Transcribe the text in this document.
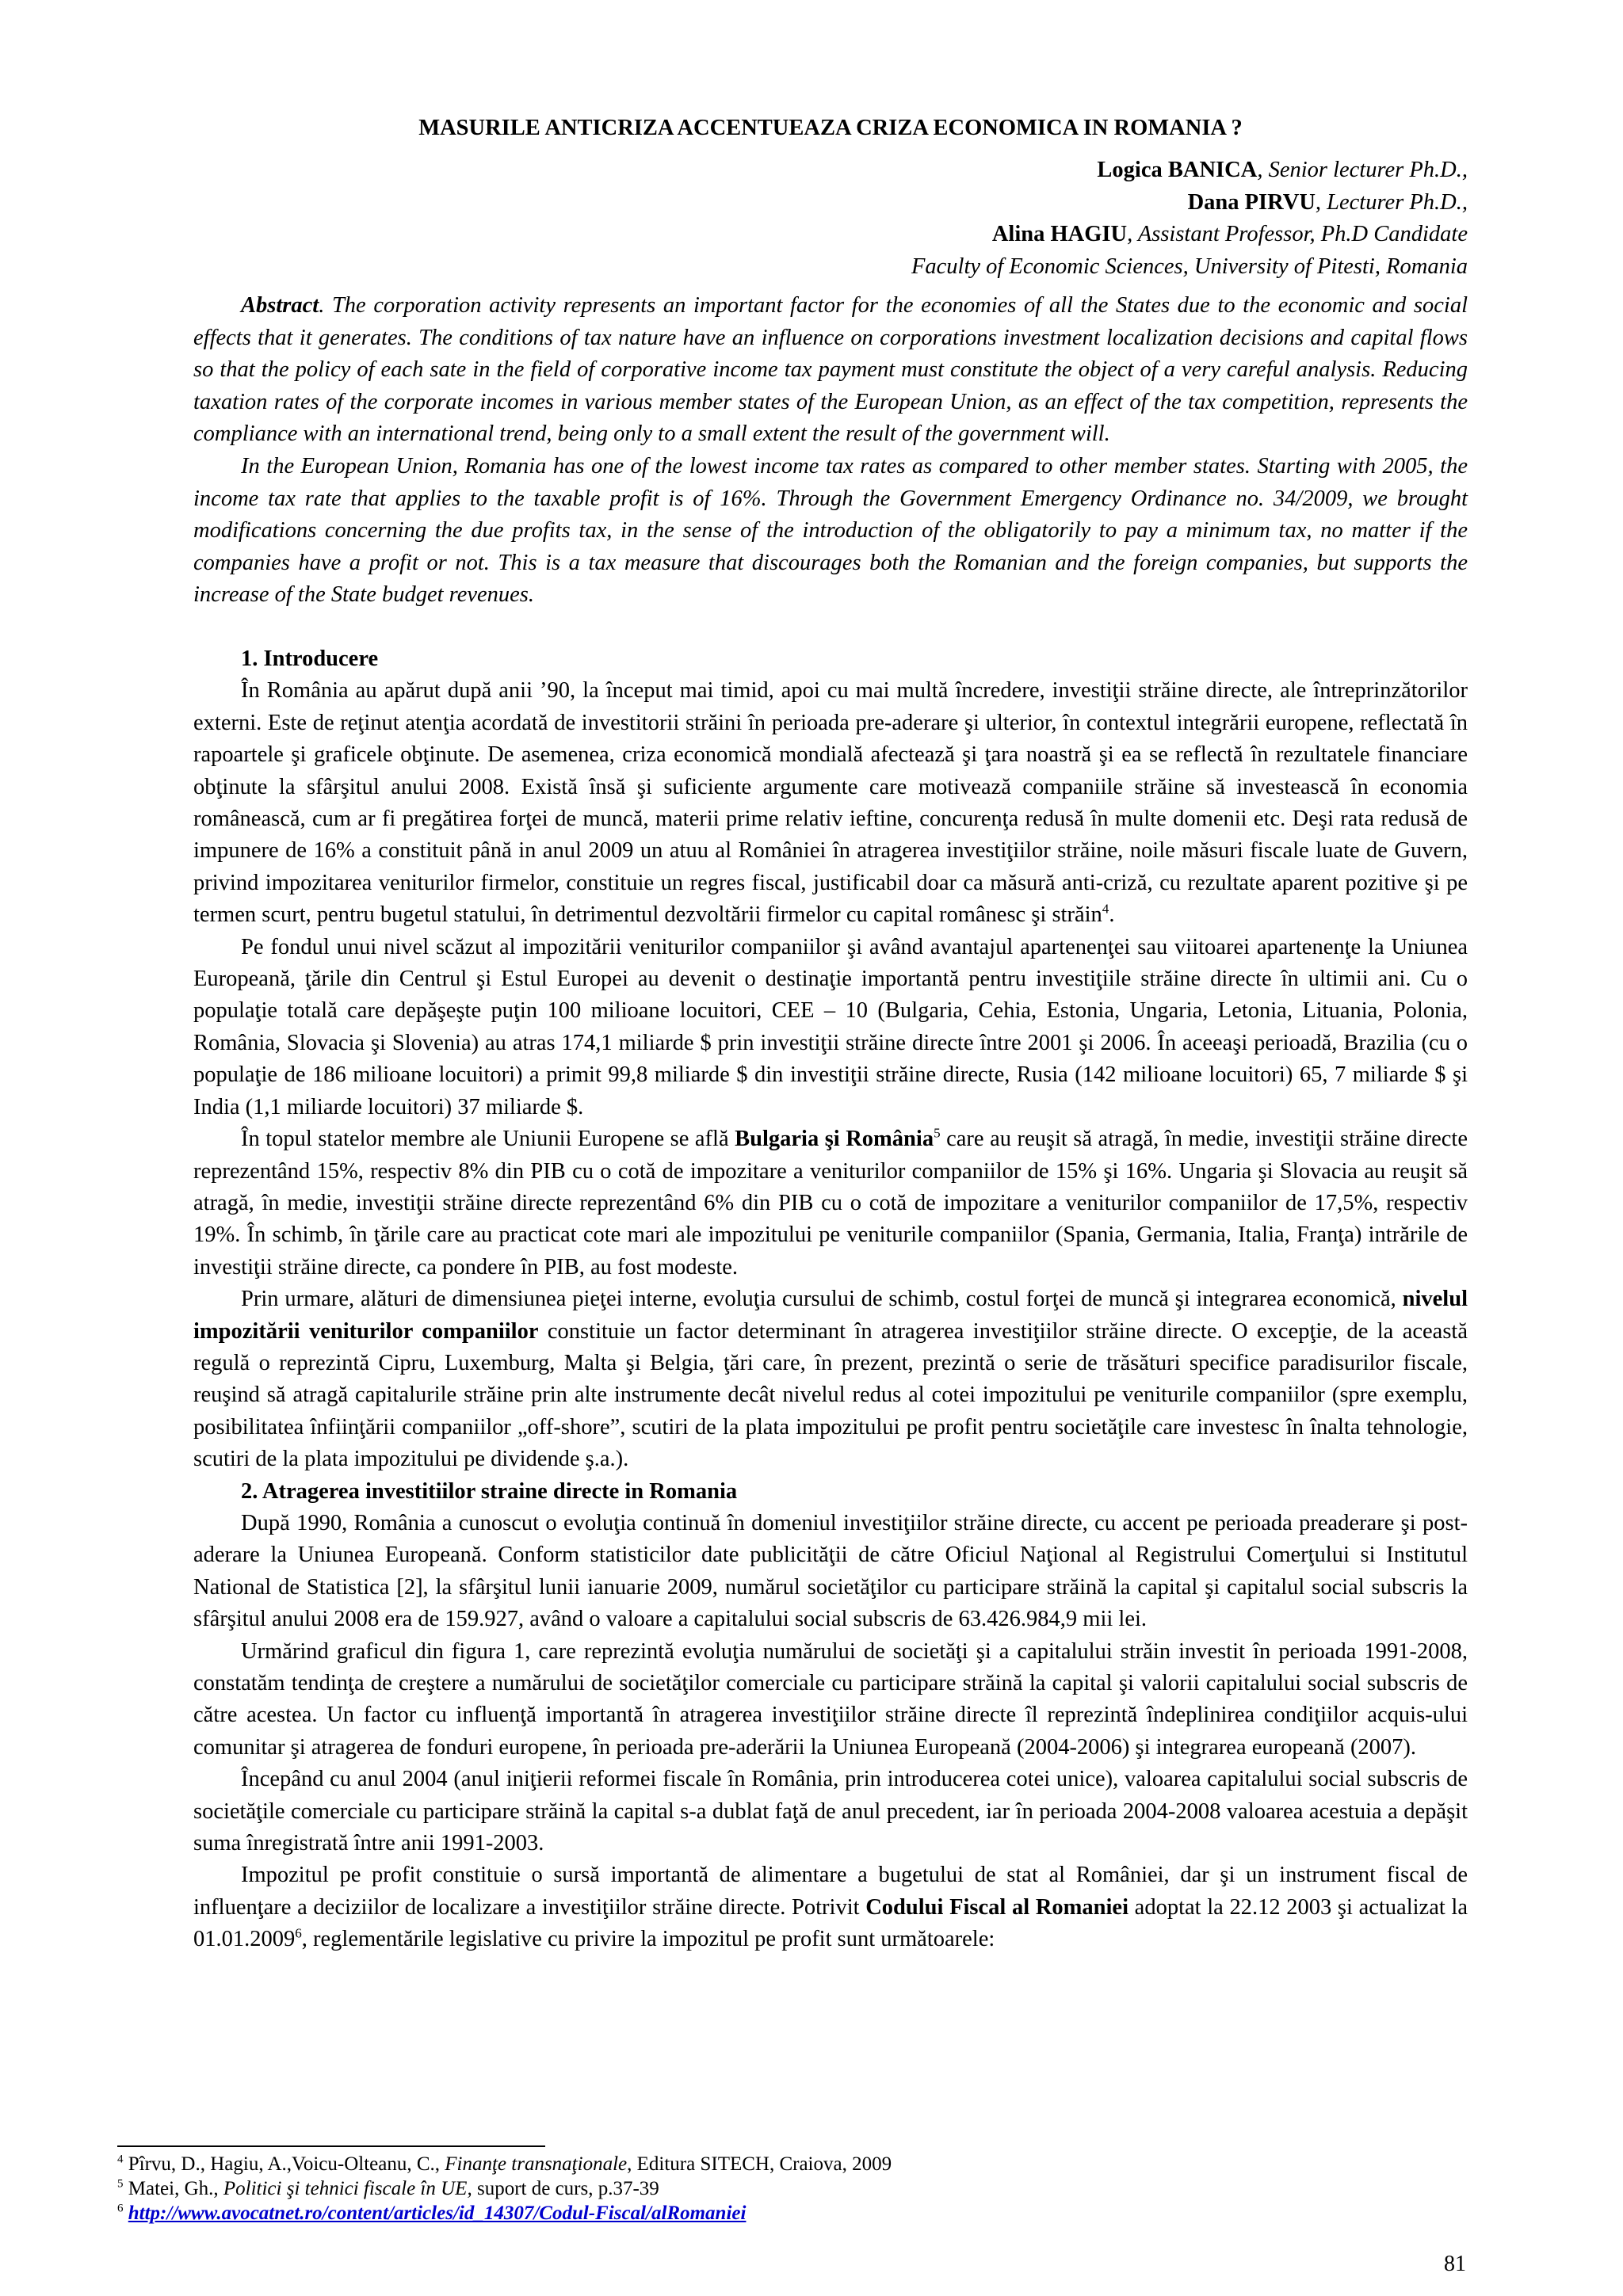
MASURILE ANTICRIZA ACCENTUEAZA CRIZA ECONOMICA IN ROMANIA ?
Logica BANICA, Senior lecturer Ph.D.,
Dana PIRVU, Lecturer Ph.D.,
Alina HAGIU, Assistant Professor, Ph.D Candidate
Faculty of Economic Sciences, University of Pitesti, Romania

Abstract. The corporation activity represents an important factor for the economies of all the States due to the economic and social effects that it generates. The conditions of tax nature have an influence on corporations investment localization decisions and capital flows so that the policy of each sate in the field of corporative income tax payment must constitute the object of a very careful analysis. Reducing taxation rates of the corporate incomes in various member states of the European Union, as an effect of the tax competition, represents the compliance with an international trend, being only to a small extent the result of the government will.

In the European Union, Romania has one of the lowest income tax rates as compared to other member states. Starting with 2005, the income tax rate that applies to the taxable profit is of 16%. Through the Government Emergency Ordinance no. 34/2009, we brought modifications concerning the due profits tax, in the sense of the introduction of the obligatorily to pay a minimum tax, no matter if the companies have a profit or not. This is a tax measure that discourages both the Romanian and the foreign companies, but supports the increase of the State budget revenues.

1. Introducere

În România au apărut după anii ’90, la început mai timid, apoi cu mai multă încredere, investiţii străine directe, ale întreprinzătorilor externi. Este de reţinut atenţia acordată de investitorii străini în perioada pre-aderare şi ulterior, în contextul integrării europene, reflectată în rapoartele şi graficele obţinute. De asemenea, criza economică mondială afectează şi ţara noastră şi ea se reflectă în rezultatele financiare obţinute la sfârşitul anului 2008. Există însă şi suficiente argumente care motivează companiile străine să investească în economia românească, cum ar fi pregătirea forţei de muncă, materii prime relativ ieftine, concurenţa redusă în multe domenii etc. Deşi rata redusă de impunere de 16% a constituit până in anul 2009 un atuu al României în atragerea investiţiilor străine, noile măsuri fiscale luate de Guvern, privind impozitarea veniturilor firmelor, constituie un regres fiscal, justificabil doar ca măsură anti-criză, cu rezultate aparent pozitive şi pe termen scurt, pentru bugetul statului, în detrimentul dezvoltării firmelor cu capital românesc şi străin$^4$.

Pe fondul unui nivel scăzut al impozitării veniturilor companiilor şi având avantajul apartenenţei sau viitoarei apartenenţe la Uniunea Europeană, ţările din Centrul şi Estul Europei au devenit o destinaţie importantă pentru investiţiile străine directe în ultimii ani. Cu o populaţie totală care depăşeşte puţin 100 milioane locuitori, CEE – 10 (Bulgaria, Cehia, Estonia, Ungaria, Letonia, Lituania, Polonia, România, Slovacia şi Slovenia) au atras 174,1 miliarde $ prin investiţii străine directe între 2001 şi 2006. În aceeaşi perioadă, Brazilia (cu o populaţie de 186 milioane locuitori) a primit 99,8 miliarde $ din investiţii străine directe, Rusia (142 milioane locuitori) 65, 7 miliarde $ şi India (1,1 miliarde locuitori) 37 miliarde $.

În topul statelor membre ale Uniunii Europene se află Bulgaria şi România$^5$ care au reuşit să atragă, în medie, investiţii străine directe reprezentând 15%, respectiv 8% din PIB cu o cotă de impozitare a veniturilor companiilor de 15% şi 16%. Ungaria şi Slovacia au reuşit să atragă, în medie, investiţii străine directe reprezentând 6% din PIB cu o cotă de impozitare a veniturilor companiilor de 17,5%, respectiv 19%. În schimb, în ţările care au practicat cote mari ale impozitului pe veniturile companiilor (Spania, Germania, Italia, Franţa) intrările de investiţii străine directe, ca pondere în PIB, au fost modeste.

Prin urmare, alături de dimensiunea pieţei interne, evoluţia cursului de schimb, costul forţei de muncă şi integrarea economică, nivelul impozitării veniturilor companiilor constituie un factor determinant în atragerea investiţiilor străine directe. O excepţie, de la această regulă o reprezintă Cipru, Luxemburg, Malta şi Belgia, ţări care, în prezent, prezintă o serie de trăsături specifice paradisurilor fiscale, reuşind să atragă capitalurile străine prin alte instrumente decât nivelul redus al cotei impozitului pe veniturile companiilor (spre exemplu, posibilitatea înfiinţării companiilor „off-shore”, scutiri de la plata impozitului pe profit pentru societăţile care investesc în înalta tehnologie, scutiri de la plata impozitului pe dividende ş.a.).

2. Atragerea investitiilor straine directe in Romania

După 1990, România a cunoscut o evoluţia continuă în domeniul investiţiilor străine directe, cu accent pe perioada preaderare şi post-aderare la Uniunea Europeană. Conform statisticilor date publicităţii de către Oficiul Naţional al Registrului Comerţului si Institutul National de Statistica [2], la sfârşitul lunii ianuarie 2009, numărul societăţilor cu participare străină la capital şi capitalul social subscris la sfârşitul anului 2008 era de 159.927, având o valoare a capitalului social subscris de 63.426.984,9 mii lei.

Urmărind graficul din figura 1, care reprezintă evoluţia numărului de societăţi şi a capitalului străin investit în perioada 1991-2008, constatăm tendinţa de creştere a numărului de societăţilor comerciale cu participare străină la capital şi valorii capitalului social subscris de către acestea. Un factor cu influenţă importantă în atragerea investiţiilor străine directe îl reprezintă îndeplinirea condiţiilor acquis-ului comunitar şi atragerea de fonduri europene, în perioada pre-aderării la Uniunea Europeană (2004-2006) şi integrarea europeană (2007).

Începând cu anul 2004 (anul iniţierii reformei fiscale în România, prin introducerea cotei unice), valoarea capitalului social subscris de societăţile comerciale cu participare străină la capital s-a dublat faţă de anul precedent, iar în perioada 2004-2008 valoarea acestuia a depăşit suma înregistrată între anii 1991-2003.

Impozitul pe profit constituie o sursă importantă de alimentare a bugetului de stat al României, dar şi un instrument fiscal de influenţare a deciziilor de localizare a investiţiilor străine directe. Potrivit Codului Fiscal al Romaniei adoptat la 22.12 2003 şi actualizat la 01.01.2009$^6$, reglementările legislative cu privire la impozitul pe profit sunt următoarele:

$^4$ Pîrvu, D., Hagiu, A.,Voicu-Olteanu, C., Finanţe transnaţionale, Editura SITECH, Craiova, 2009
$^5$ Matei, Gh., Politici şi tehnici fiscale în UE, suport de curs, p.37-39
$^6$ http://www.avocatnet.ro/content/articles/id_14307/Codul-Fiscal/alRomaniei
81
